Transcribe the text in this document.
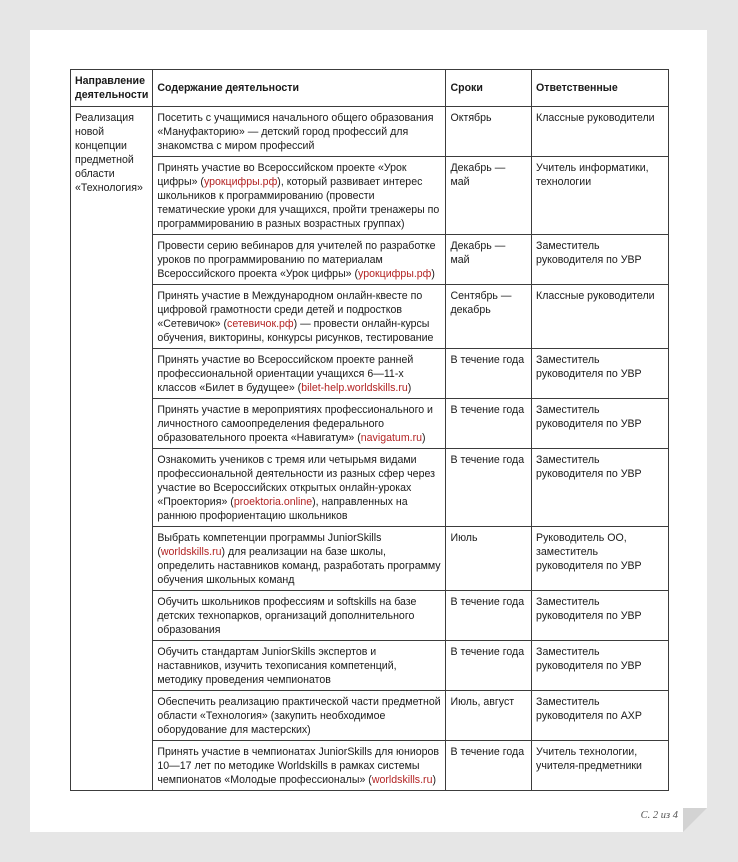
Направление деятельности	Содержание деятельности	Сроки	Ответственные
Реализация новой концепции предметной области «Технология»	Посетить с учащимися начального общего образования «Мануфакторию» — детский город профессий для знакомства с миром профессий	Октябрь	Классные руководители
	Принять участие во Всероссийском проекте «Урок цифры» (урокцифры.рф), который развивает интерес школьников к программированию (провести тематические уроки для учащихся, пройти тренажеры по программированию в разных возрастных группах)	Декабрь — май	Учитель информатики, технологии
	Провести серию вебинаров для учителей по разработке уроков по программированию по материалам Всероссийского проекта «Урок цифры» (урокцифры.рф)	Декабрь — май	Заместитель руководителя по УВР
	Принять участие в Международном онлайн-квесте по цифровой грамотности среди детей и подростков «Сетевичок» (сетевичок.рф) — провести онлайн-курсы обучения, викторины, конкурсы рисунков, тестирование	Сентябрь — декабрь	Классные руководители
	Принять участие во Всероссийском проекте ранней профессиональной ориентации учащихся 6—11-х классов «Билет в будущее» (bilet-help.worldskills.ru)	В течение года	Заместитель руководителя по УВР
	Принять участие в мероприятиях профессионального и личностного самоопределения федерального образовательного проекта «Навигатум» (navigatum.ru)	В течение года	Заместитель руководителя по УВР
	Ознакомить учеников с тремя или четырьмя видами профессиональной деятельности из разных сфер через участие во Всероссийских открытых онлайн-уроках «Проектория» (proektoria.online), направленных на раннюю профориентацию школьников	В течение года	Заместитель руководителя по УВР
	Выбрать компетенции программы JuniorSkills (worldskills.ru) для реализации на базе школы, определить наставников команд, разработать программу обучения школьных команд	Июль	Руководитель ОО, заместитель руководителя по УВР
	Обучить школьников профессиям и softskills на базе детских технопарков, организаций дополнительного образования	В течение года	Заместитель руководителя по УВР
	Обучить стандартам JuniorSkills экспертов и наставников, изучить техописания компетенций, методику проведения чемпионатов	В течение года	Заместитель руководителя по УВР
	Обеспечить реализацию практической части предметной области «Технология» (закупить необходимое оборудование для мастерских)	Июль, август	Заместитель руководителя по АХР
	Принять участие в чемпионатах JuniorSkills для юниоров 10—17 лет по методике Worldskills в рамках системы чемпионатов «Молодые профессионалы» (worldskills.ru)	В течение года	Учитель технологии, учителя-предметники
С. 2 из 4
